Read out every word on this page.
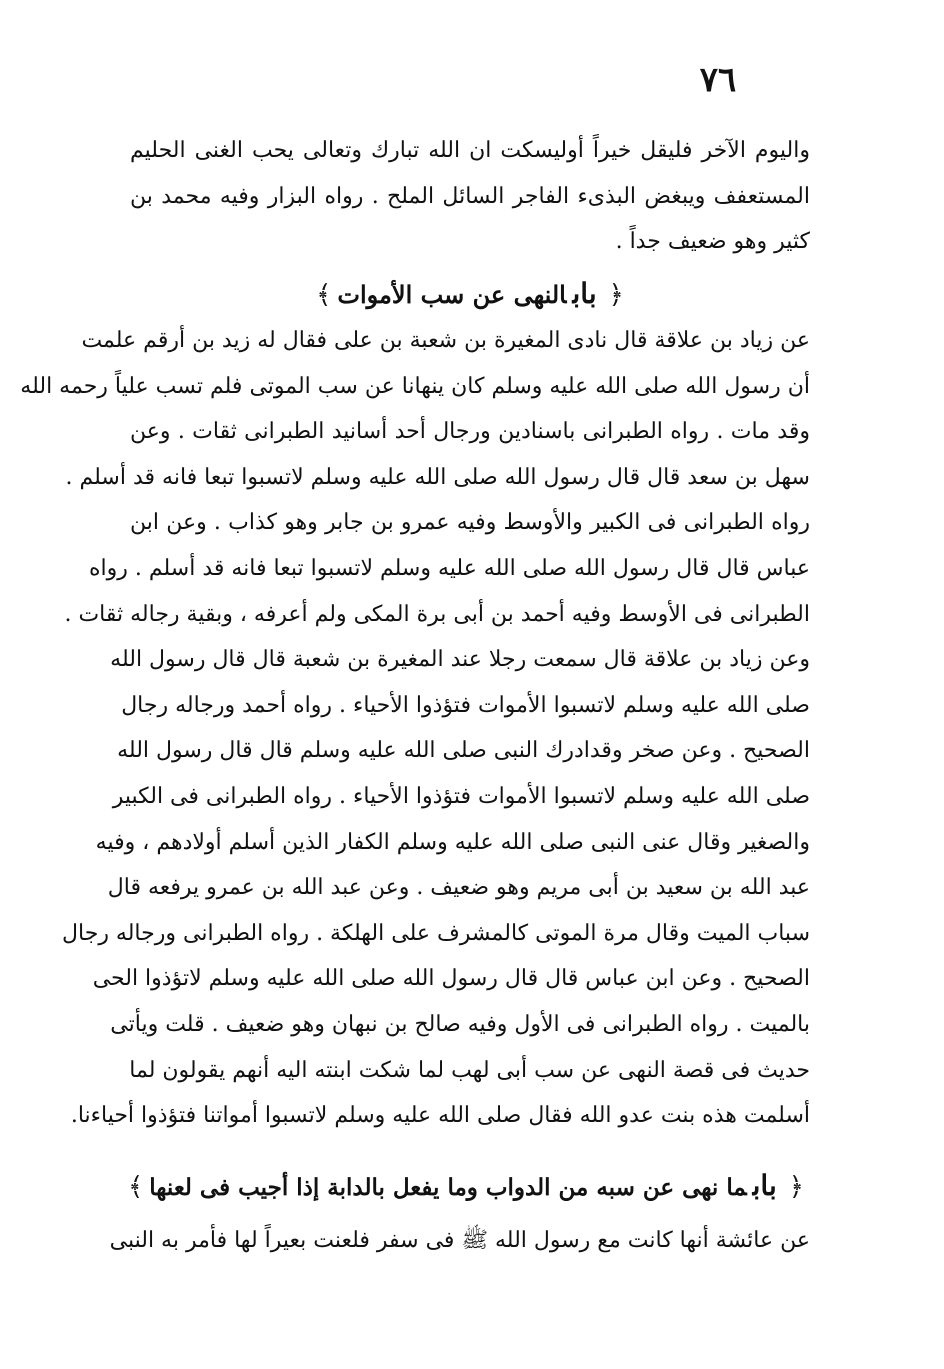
٧٦
واليوم الآخر فليقل خيراً أوليسكت ان الله تبارك وتعالى يحب الغنى الحليم
المستعفف ويبغض البذىء الفاجر السائل الملح . رواه البزار وفيه محمد بن
كثير وهو ضعيف جداً .
﴿بابالنهى عن سب الأموات﴾
عن زياد بن علاقة قال نادى المغيرة بن شعبة بن على فقال له زيد بن أرقم علمت
أن رسول الله صلى الله عليه وسلم كان ينهانا عن سب الموتى فلم تسب علياً رحمه الله
وقد مات . رواه الطبرانى باسنادين ورجال أحد أسانيد الطبرانى ثقات . وعن
سهل بن سعد قال قال رسول الله صلى الله عليه وسلم لاتسبوا تبعا فانه قد أسلم .
رواه الطبرانى فى الكبير والأوسط وفيه عمرو بن جابر وهو كذاب . وعن ابن
عباس قال قال رسول الله صلى الله عليه وسلم لاتسبوا تبعا فانه قد أسلم . رواه
الطبرانى فى الأوسط وفيه أحمد بن أبى برة المكى ولم أعرفه ، وبقية رجاله ثقات .
وعن زياد بن علاقة قال سمعت رجلا عند المغيرة بن شعبة قال قال رسول الله
صلى الله عليه وسلم لاتسبوا الأموات فتؤذوا الأحياء . رواه أحمد ورجاله رجال
الصحيح . وعن صخر وقدادرك النبى صلى الله عليه وسلم قال قال رسول الله
صلى الله عليه وسلم لاتسبوا الأموات فتؤذوا الأحياء . رواه الطبرانى فى الكبير
والصغير وقال عنى النبى صلى الله عليه وسلم الكفار الذين أسلم أولادهم ، وفيه
عبد الله بن سعيد بن أبى مريم وهو ضعيف . وعن عبد الله بن عمرو يرفعه قال
سباب الميت وقال مرة الموتى كالمشرف على الهلكة . رواه الطبرانى ورجاله رجال
الصحيح . وعن ابن عباس قال قال رسول الله صلى الله عليه وسلم لاتؤذوا الحى
بالميت . رواه الطبرانى فى الأول وفيه صالح بن نبهان وهو ضعيف . قلت ويأتى
حديث فى قصة النهى عن سب أبى لهب لما شكت ابنته اليه أنهم يقولون لما
أسلمت هذه بنت عدو الله فقال صلى الله عليه وسلم لاتسبوا أمواتنا فتؤذوا أحياءنا.
﴿بابما نهى عن سبه من الدواب وما يفعل بالدابة إذا أجيب فى لعنها﴾
عن عائشة أنها كانت مع رسول الله ﷺ فى سفر فلعنت بعيراً لها فأمر به النبى
